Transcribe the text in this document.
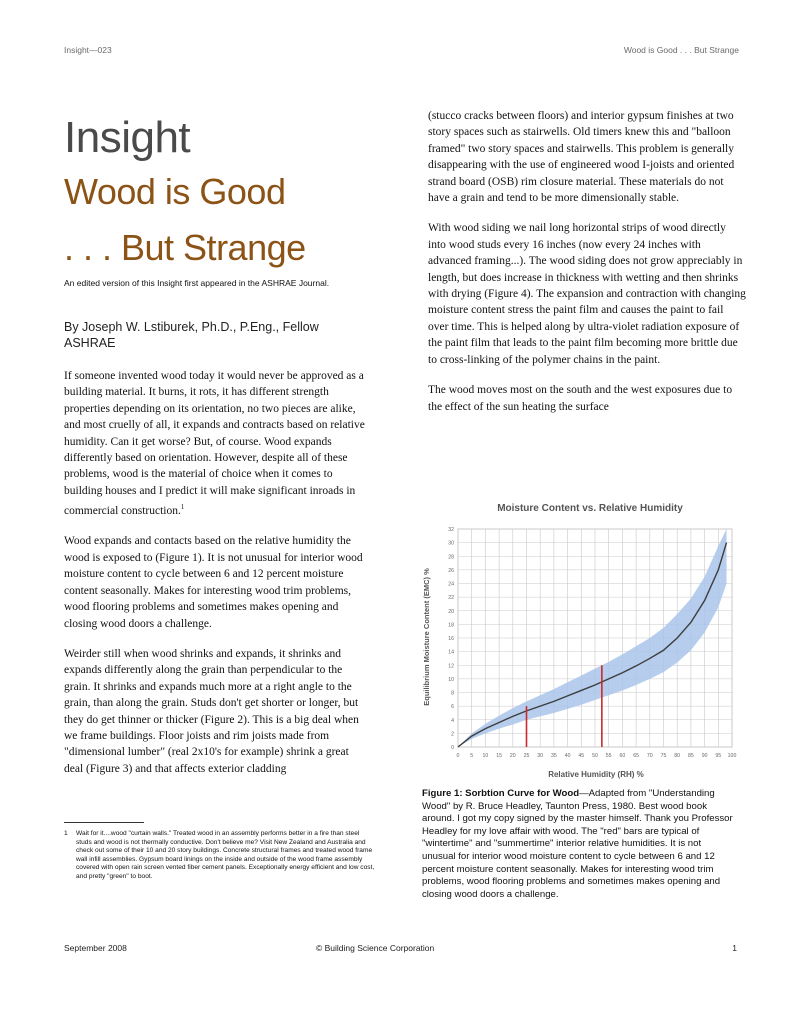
Insight—023	Wood is Good . . . But Strange
Insight
Wood is Good
. . . But Strange
An edited version of this Insight first appeared in the ASHRAE Journal.
By Joseph W. Lstiburek, Ph.D., P.Eng., Fellow ASHRAE

If someone invented wood today it would never be approved as a building material. It burns, it rots, it has different strength properties depending on its orientation, no two pieces are alike, and most cruelly of all, it expands and contracts based on relative humidity. Can it get worse? But, of course. Wood expands differently based on orientation. However, despite all of these problems, wood is the material of choice when it comes to building houses and I predict it will make significant inroads in commercial construction.$^1$

Wood expands and contacts based on the relative humidity the wood is exposed to (Figure 1). It is not unusual for interior wood moisture content to cycle between 6 and 12 percent moisture content seasonally. Makes for interesting wood trim problems, wood flooring problems and sometimes makes opening and closing wood doors a challenge.

Weirder still when wood shrinks and expands, it shrinks and expands differently along the grain than perpendicular to the grain. It shrinks and expands much more at a right angle to the grain, than along the grain. Studs don't get shorter or longer, but they do get thinner or thicker (Figure 2). This is a big deal when we frame buildings. Floor joists and rim joists made from "dimensional lumber" (real 2x10's for example) shrink a great deal (Figure 3) and that affects exterior cladding

1 Wait for it....wood "curtain walls." Treated wood in an assembly performs better in a fire than steel studs and wood is not thermally conductive. Don't believe me? Visit New Zealand and Australia and check out some of their 10 and 20 story buildings. Concrete structural frames and treated wood frame wall infill assemblies. Gypsum board linings on the inside and outside of the wood frame assembly covered with open rain screen vented fiber cement panels. Exceptionally energy efficient and low cost, and pretty "green" to boot.

(stucco cracks between floors) and interior gypsum finishes at two story spaces such as stairwells. Old timers knew this and "balloon framed" two story spaces and stairwells. This problem is generally disappearing with the use of engineered wood I-joists and oriented strand board (OSB) rim closure material. These materials do not have a grain and tend to be more dimensionally stable.

With wood siding we nail long horizontal strips of wood directly into wood studs every 16 inches (now every 24 inches with advanced framing...). The wood siding does not grow appreciably in length, but does increase in thickness with wetting and then shrinks with drying (Figure 4). The expansion and contraction with changing moisture content stress the paint film and causes the paint to fail over time. This is helped along by ultra-violet radiation exposure of the paint film that leads to the paint film becoming more brittle due to cross-linking of the polymer chains in the paint.

The wood moves most on the south and the west exposures due to the effect of the sun heating the surface

Moisture Content vs. Relative Humidity
0 5 10 15 20 25 30 35 40 45 50 55 60 65 70 75 80 85 90 95 100
0
2
4
6
8
10
12
14
16
18
20
22
24
26
28
30
32
Relative Humidity (RH) %
Equilibrium Moisture Content (EMC) %
Figure 1: Sorbtion Curve for Wood—Adapted from "Understanding Wood" by R. Bruce Headley, Taunton Press, 1980. Best wood book around. I got my copy signed by the master himself. Thank you Professor Headley for my love affair with wood. The "red" bars are typical of "wintertime" and "summertime" interior relative humidities. It is not unusual for interior wood moisture content to cycle between 6 and 12 percent moisture content seasonally. Makes for interesting wood trim problems, wood flooring problems and sometimes makes opening and closing wood doors a challenge.
September 2008	© Building Science Corporation	1
